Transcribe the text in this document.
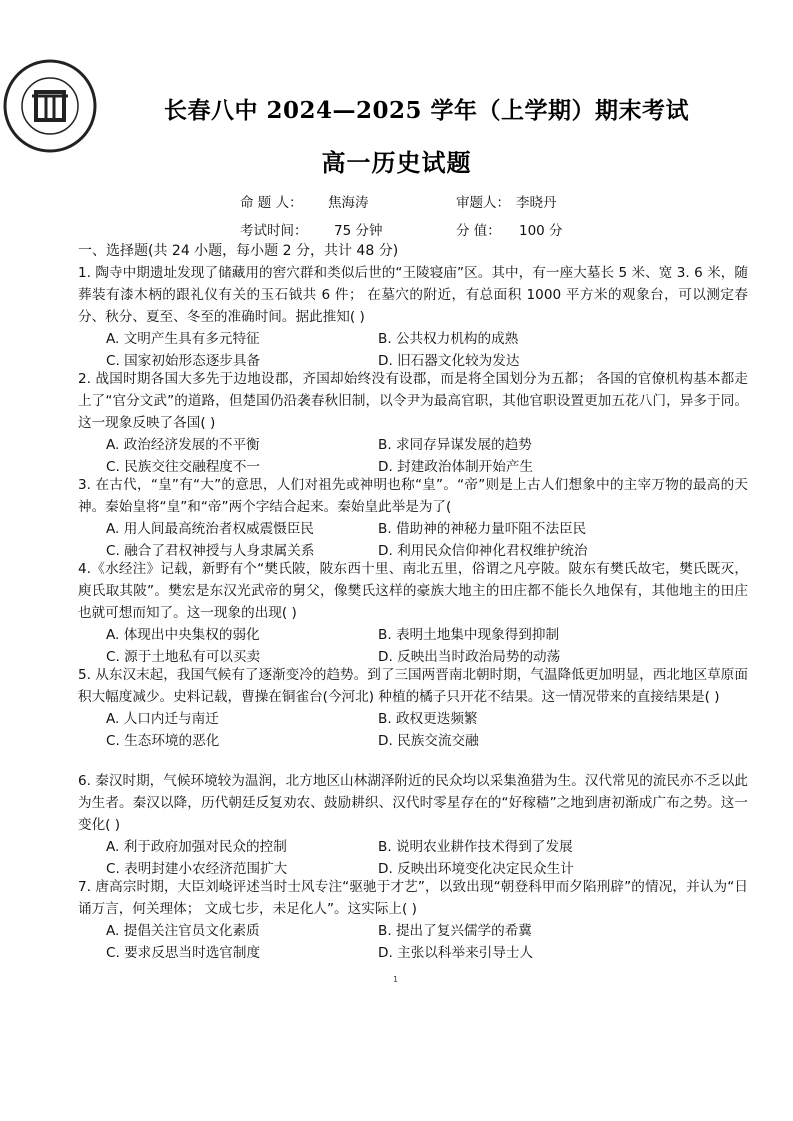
长春八中 2024—2025 学年（上学期）期末考试
高一历史试题
命 题 人： 焦海涛	审题人： 李晓丹
考试时间： 75 分钟	分 值： 100 分
一、选择题(共 24 小题，每小题 2 分，共计 48 分)

1. 陶寺中期遗址发现了储藏用的窖穴群和类似后世的“王陵寝庙”区。其中，有一座大墓长 5 米、宽 3. 6 米，随葬装有漆木柄的跟礼仪有关的玉石钺共 6 件； 在墓穴的附近，有总面积 1000 平方米的观象台，可以测定春分、秋分、夏至、冬至的准确时间。据此推知( )

A. 文明产生具有多元特征	B. 公共权力机构的成熟
C. 国家初始形态逐步具备	D. 旧石器文化较为发达

2. 战国时期各国大多先于边地设郡，齐国却始终没有设郡，而是将全国划分为五都； 各国的官僚机构基本都走上了“官分文武”的道路，但楚国仍沿袭春秋旧制，以令尹为最高官职，其他官职设置更加五花八门，异多于同。这一现象反映了各国( )

A. 政治经济发展的不平衡	B. 求同存异谋发展的趋势
C. 民族交往交融程度不一	D. 封建政治体制开始产生

3. 在古代，“皇”有“大”的意思，人们对祖先或神明也称“皇”。“帝”则是上古人们想象中的主宰万物的最高的天神。秦始皇将“皇”和“帝”两个字结合起来。秦始皇此举是为了(

A. 用人间最高统治者权威震慑臣民	B. 借助神的神秘力量吓阻不法臣民
C. 融合了君权神授与人身隶属关系	D. 利用民众信仰神化君权维护统治

4.《水经注》记载，新野有个“樊氏陂，陂东西十里、南北五里，俗谓之凡亭陂。陂东有樊氏故宅，樊氏既灭，庾氏取其陂”。樊宏是东汉光武帝的舅父，像樊氏这样的豪族大地主的田庄都不能长久地保有，其他地主的田庄也就可想而知了。这一现象的出现( )

A. 体现出中央集权的弱化	B. 表明土地集中现象得到抑制
C. 源于土地私有可以买卖	D. 反映出当时政治局势的动荡

5. 从东汉末起，我国气候有了逐渐变冷的趋势。到了三国两晋南北朝时期，气温降低更加明显，西北地区草原面积大幅度减少。史料记载，曹操在铜雀台(今河北) 种植的橘子只开花不结果。这一情况带来的直接结果是( )

A. 人口内迁与南迁	B. 政权更迭频繁
C. 生态环境的恶化	D. 民族交流交融

6. 秦汉时期，气候环境较为温润，北方地区山林湖泽附近的民众均以采集渔猎为生。汉代常见的流民亦不乏以此为生者。秦汉以降，历代朝廷反复劝农、鼓励耕织、汉代时零星存在的“好稼穑”之地到唐初渐成广布之势。这一变化( )

A. 利于政府加强对民众的控制	B. 说明农业耕作技术得到了发展
C. 表明封建小农经济范围扩大	D. 反映出环境变化决定民众生计

7. 唐高宗时期，大臣刘峣评述当时士风专注“驱驰于才艺”，以致出现“朝登科甲而夕陷刑辟”的情况，并认为“日诵万言，何关理体； 文成七步，未足化人”。这实际上( )

A. 提倡关注官员文化素质	B. 提出了复兴儒学的希冀
C. 要求反思当时选官制度	D. 主张以科举来引导士人
1
